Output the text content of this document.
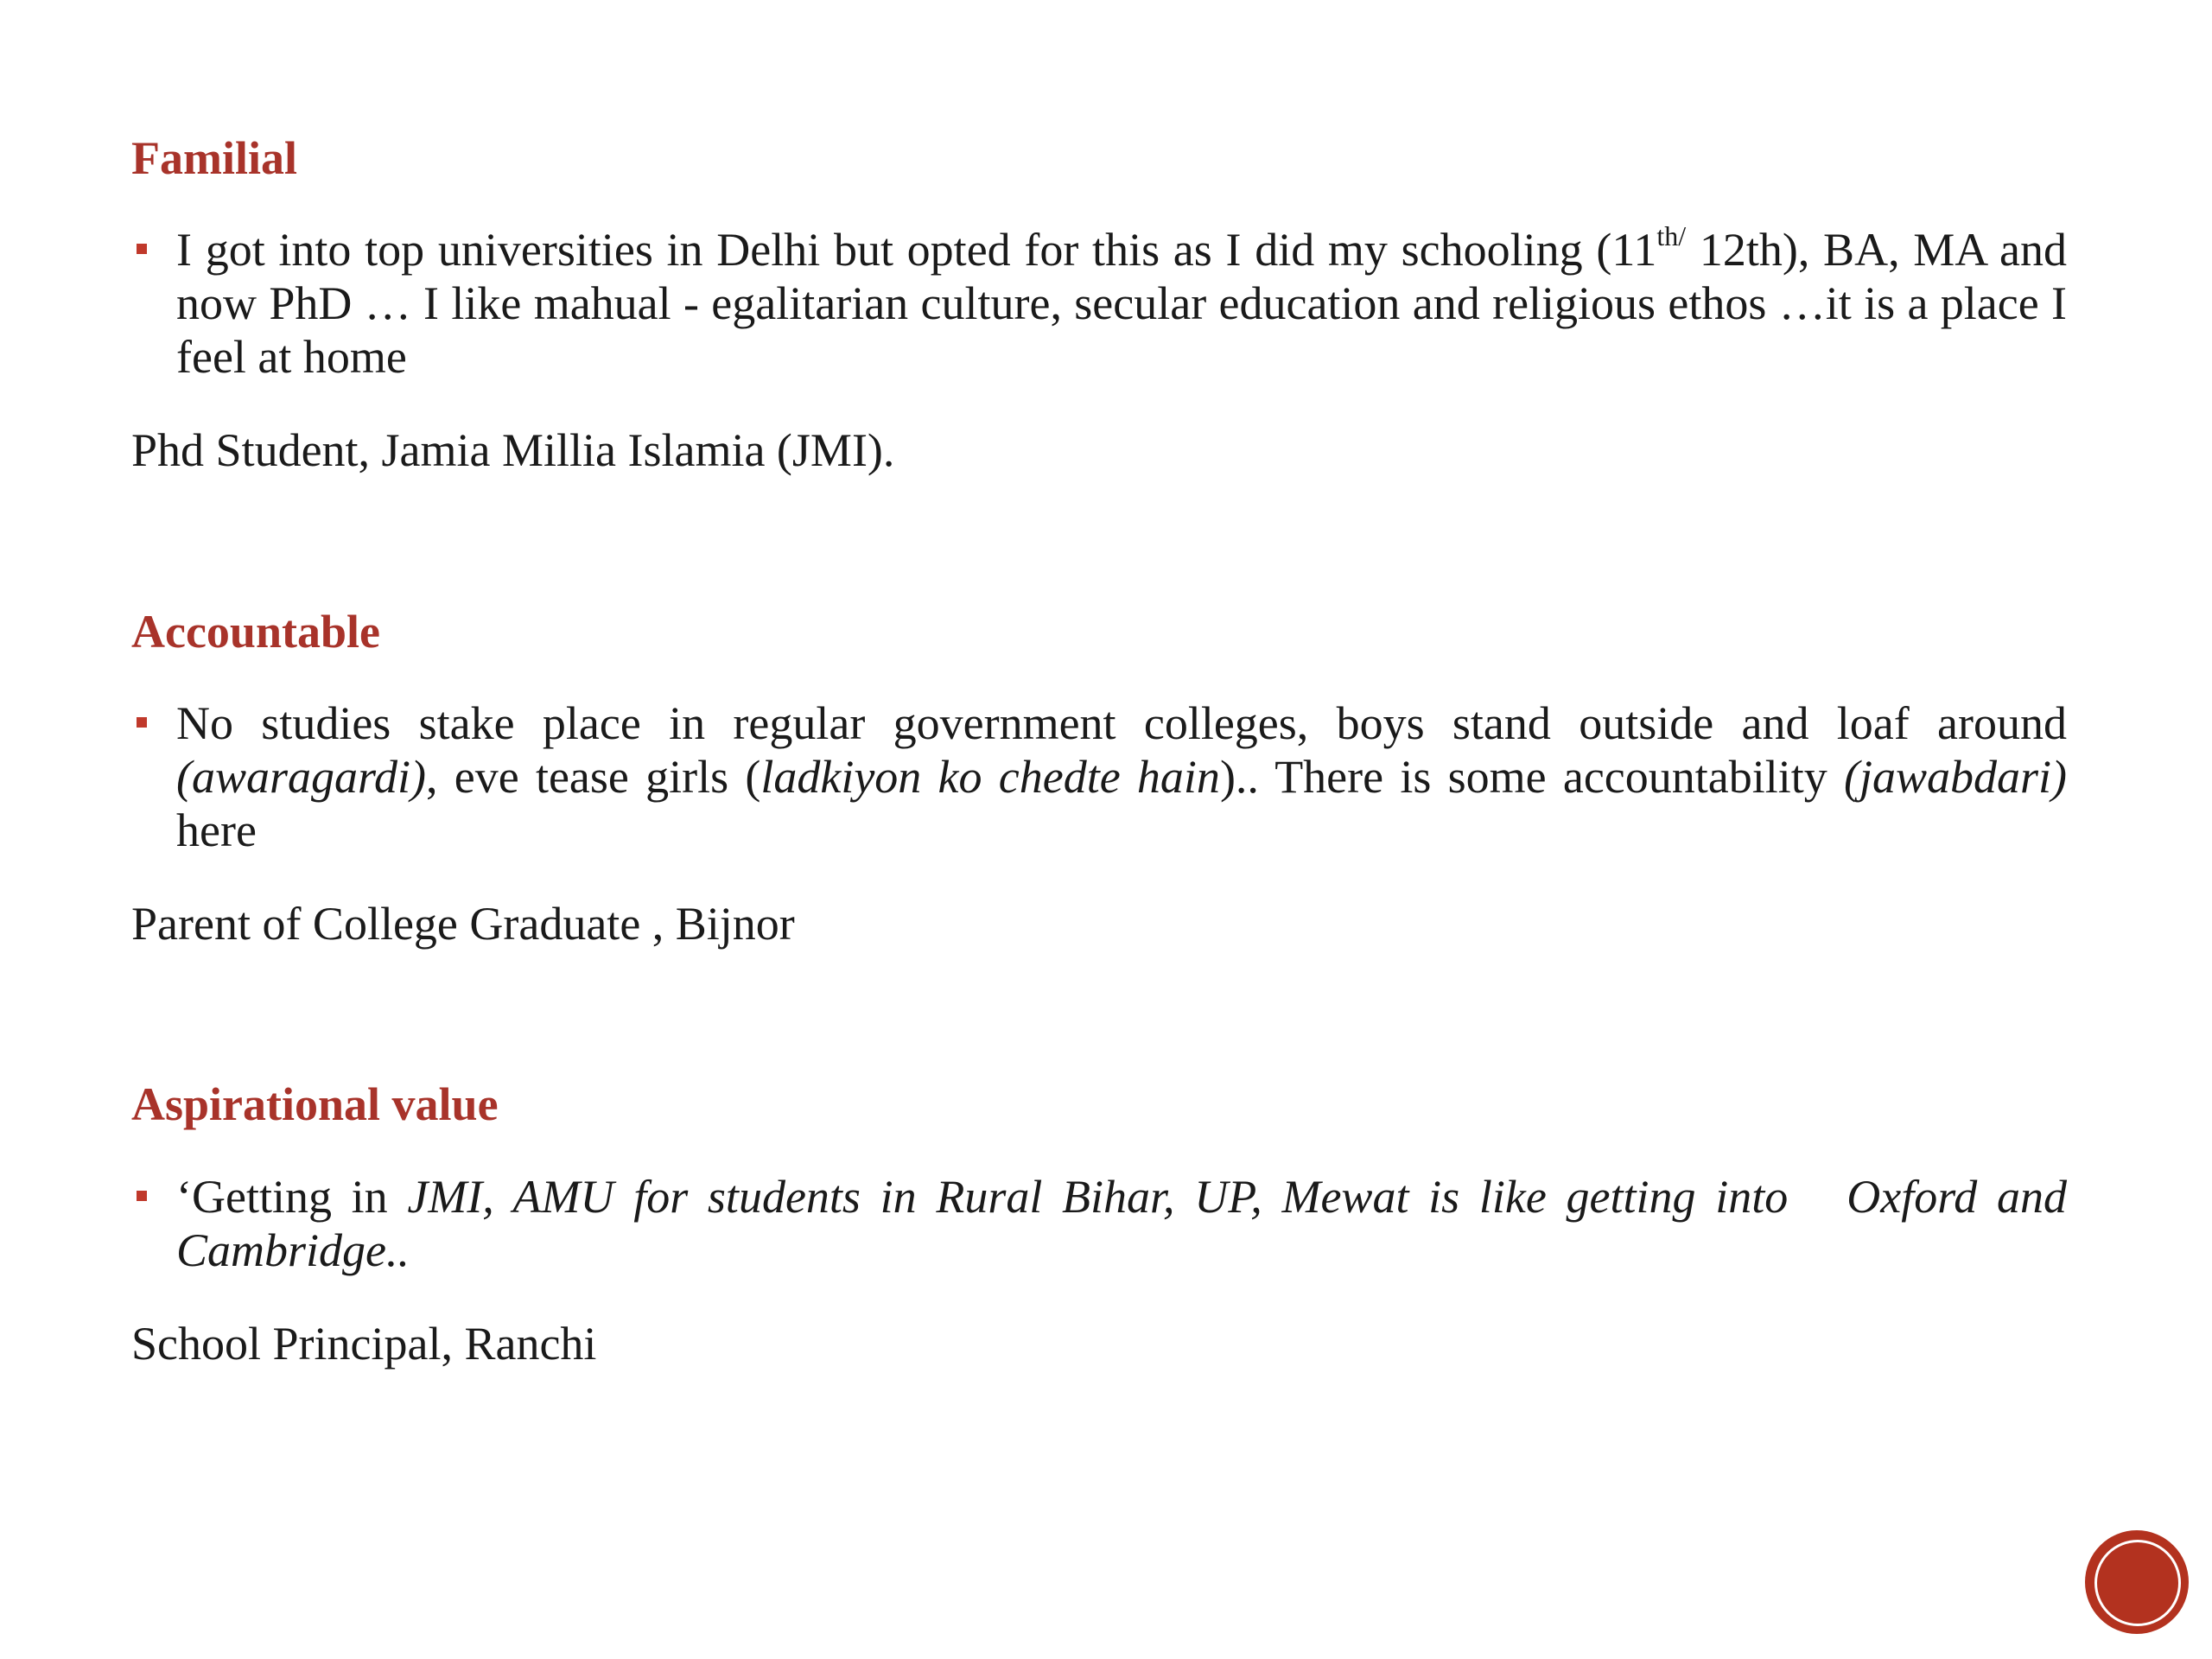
Familial

I got into top universities in Delhi but opted for this as I did my schooling ($11^{th/}$ 12th), BA, MA and now PhD … I like mahual - egalitarian culture, secular education and religious ethos …it is a place I feel at home

Phd Student, Jamia Millia Islamia (JMI).

Accountable

No studies stake place in regular government colleges, boys stand outside and loaf around (awaragardi), eve tease girls (ladkiyon ko chedte hain).. There is some accountability (jawabdari) here

Parent of College Graduate , Bijnor

Aspirational value

‘Getting in JMI, AMU for students in Rural Bihar, UP, Mewat is like getting into   Oxford and Cambridge..

School Principal, Ranchi
